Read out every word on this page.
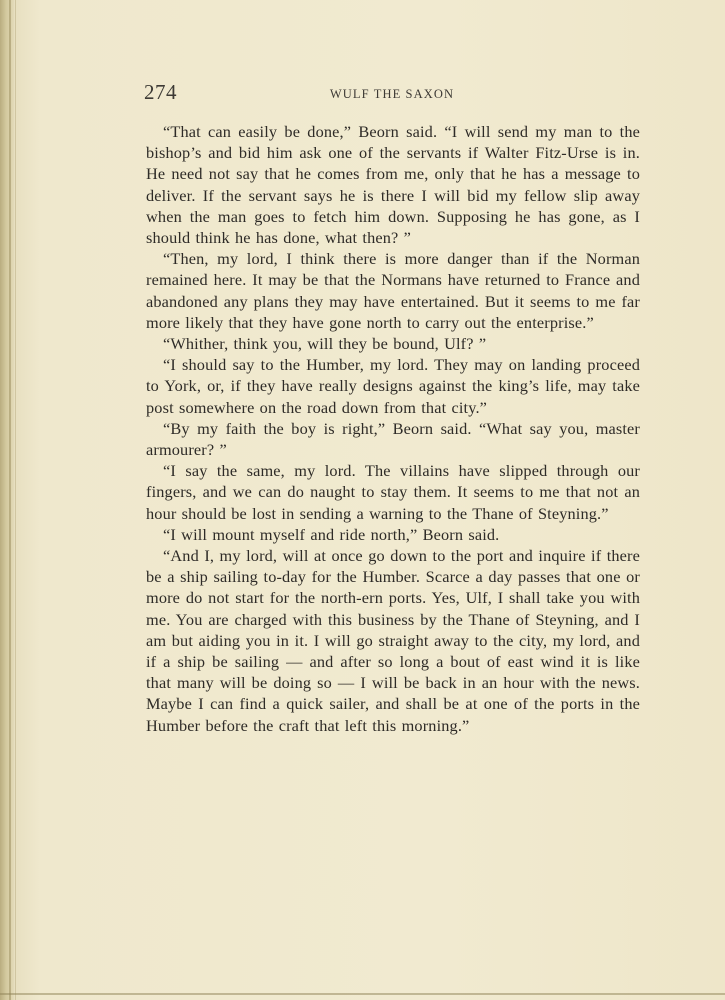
274	WULF THE SAXON

“That can easily be done,” Beorn said. “I will send my man to the bishop’s and bid him ask one of the servants if Walter Fitz-Urse is in. He need not say that he comes from me, only that he has a message to deliver. If the servant says he is there I will bid my fellow slip away when the man goes to fetch him down. Supposing he has gone, as I should think he has done, what then? ”

“Then, my lord, I think there is more danger than if the Norman remained here. It may be that the Normans have returned to France and abandoned any plans they may have entertained. But it seems to me far more likely that they have gone north to carry out the enterprise.”

“Whither, think you, will they be bound, Ulf? ”

“I should say to the Humber, my lord. They may on landing proceed to York, or, if they have really designs against the king’s life, may take post somewhere on the road down from that city.”

“By my faith the boy is right,” Beorn said. “What say you, master armourer? ”

“I say the same, my lord. The villains have slipped through our fingers, and we can do naught to stay them. It seems to me that not an hour should be lost in sending a warning to the Thane of Steyning.”

“I will mount myself and ride north,” Beorn said.

“And I, my lord, will at once go down to the port and inquire if there be a ship sailing to-day for the Humber. Scarce a day passes that one or more do not start for the north-ern ports. Yes, Ulf, I shall take you with me. You are charged with this business by the Thane of Steyning, and I am but aiding you in it. I will go straight away to the city, my lord, and if a ship be sailing — and after so long a bout of east wind it is like that many will be doing so — I will be back in an hour with the news. Maybe I can find a quick sailer, and shall be at one of the ports in the Humber before the craft that left this morning.”
